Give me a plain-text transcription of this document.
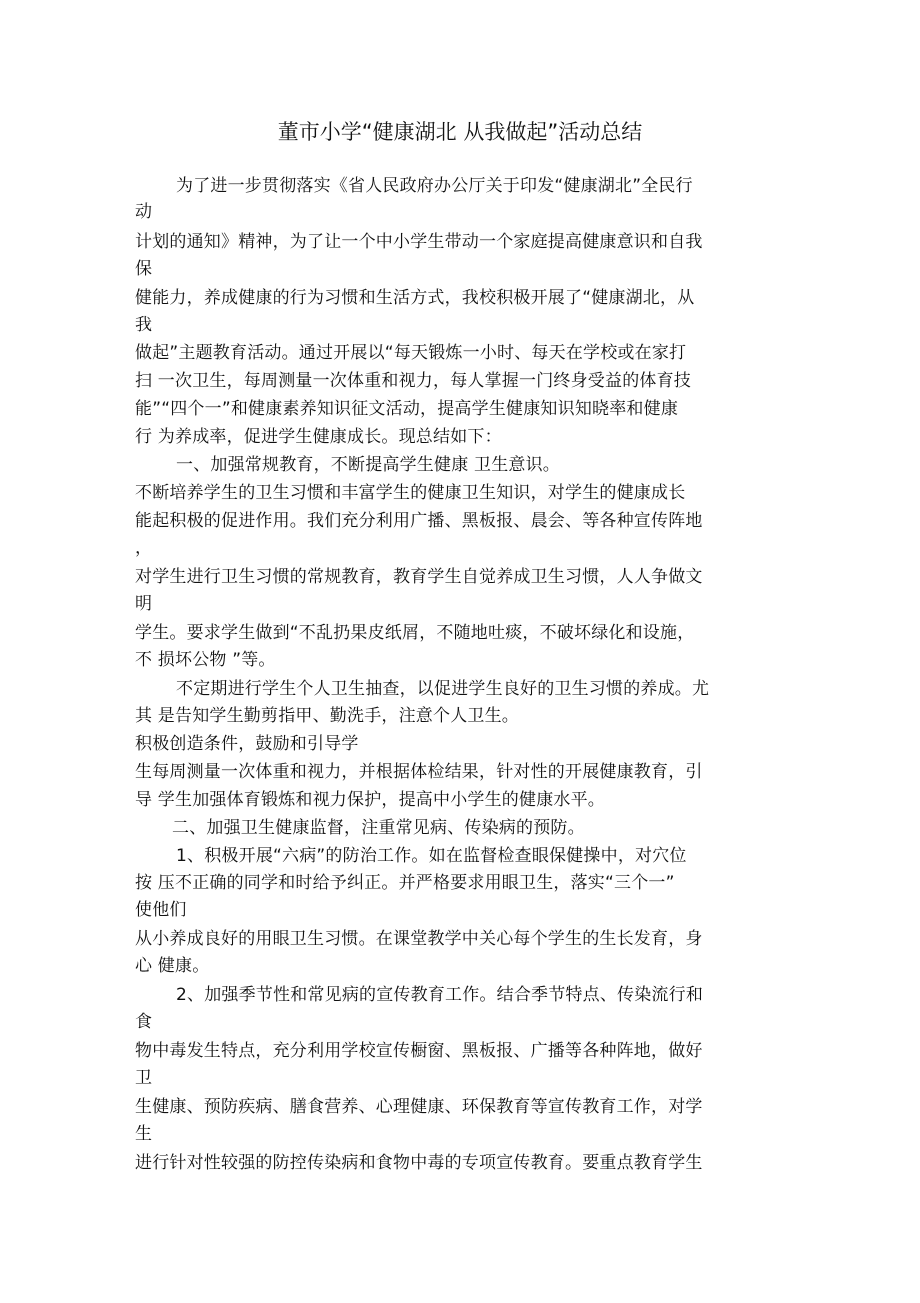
董市小学“健康湖北 从我做起”活动总结
为了进一步贯彻落实《省人民政府办公厅关于印发“健康湖北”全民行
动
计划的通知》精神，为了让一个中小学生带动一个家庭提高健康意识和自我
保
健能力，养成健康的行为习惯和生活方式，我校积极开展了“健康湖北，从
我
做起”主题教育活动。通过开展以“每天锻炼一小时、每天在学校或在家打
扫 一次卫生，每周测量一次体重和视力，每人掌握一门终身受益的体育技
能”“四个一”和健康素养知识征文活动，提高学生健康知识知晓率和健康
行 为养成率，促进学生健康成长。现总结如下：
一、加强常规教育，不断提高学生健康 卫生意识。
不断培养学生的卫生习惯和丰富学生的健康卫生知识，对学生的健康成长
能起积极的促进作用。我们充分利用广播、黑板报、晨会、等各种宣传阵地
，
对学生进行卫生习惯的常规教育，教育学生自觉养成卫生习惯，人人争做文
明
学生。要求学生做到“不乱扔果皮纸屑，不随地吐痰，不破坏绿化和设施，
不 损坏公物 ”等。
不定期进行学生个人卫生抽查，以促进学生良好的卫生习惯的养成。尤
其 是告知学生勤剪指甲、勤洗手，注意个人卫生。
积极创造条件，鼓励和引导学
生每周测量一次体重和视力，并根据体检结果，针对性的开展健康教育，引
导 学生加强体育锻炼和视力保护，提高中小学生的健康水平。
二、加强卫生健康监督，注重常见病、传染病的预防。
1、积极开展“六病”的防治工作。如在监督检查眼保健操中，对穴位
按 压不正确的同学和时给予纠正。并严格要求用眼卫生，落实“三个一”
使他们
从小养成良好的用眼卫生习惯。在课堂教学中关心每个学生的生长发育，身
心 健康。
2、加强季节性和常见病的宣传教育工作。结合季节特点、传染流行和
食
物中毒发生特点，充分利用学校宣传橱窗、黑板报、广播等各种阵地，做好
卫
生健康、预防疾病、膳食营养、心理健康、环保教育等宣传教育工作，对学
生
进行针对性较强的防控传染病和食物中毒的专项宣传教育。要重点教育学生
